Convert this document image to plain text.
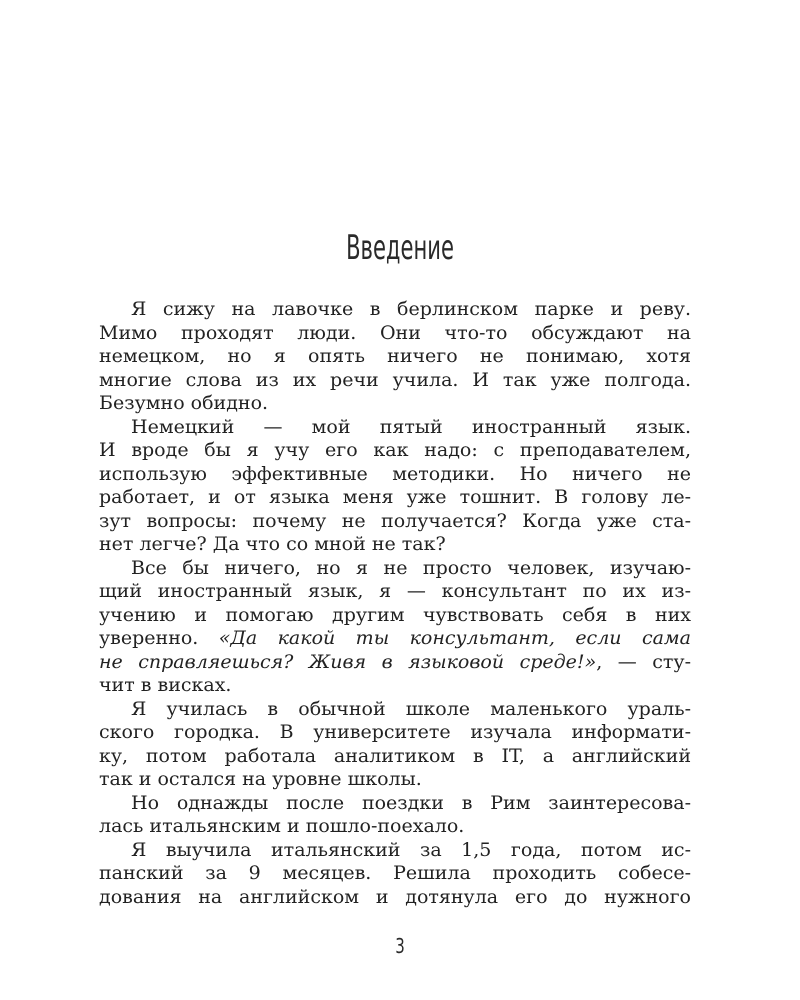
Введение
Я сижу на лавочке в берлинском парке и реву.
Мимо проходят люди. Они что-то обсуждают на
немецком, но я опять ничего не понимаю, хотя
многие слова из их речи учила. И так уже полгода.
Безумно обидно.
Немецкий — мой пятый иностранный язык.
И вроде бы я учу его как надо: с преподавателем,
использую эффективные методики. Но ничего не
работает, и от языка меня уже тошнит. В голову ле-
зут вопросы: почему не получается? Когда уже ста-
нет легче? Да что со мной не так?
Все бы ничего, но я не просто человек, изучаю-
щий иностранный язык, я — консультант по их из-
учению и помогаю другим чувствовать себя в них
уверенно. «Да какой ты консультант, если сама
не справляешься? Живя в языковой среде!», — сту-
чит в висках.
Я училась в обычной школе маленького ураль-
ского городка. В университете изучала информати-
ку, потом работала аналитиком в IT, а английский
так и остался на уровне школы.
Но однажды после поездки в Рим заинтересова-
лась итальянским и пошло-поехало.
Я выучила итальянский за 1,5 года, потом ис-
панский за 9 месяцев. Решила проходить собесе-
дования на английском и дотянула его до нужного
3
